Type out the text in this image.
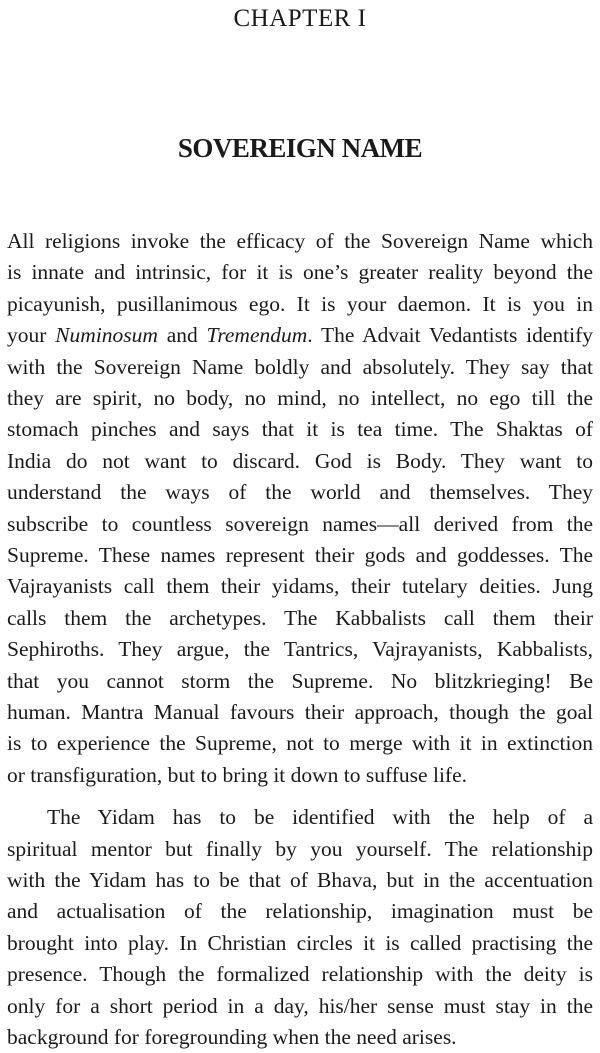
CHAPTER I
SOVEREIGN NAME
All religions invoke the efficacy of the Sovereign Name which
is innate and intrinsic, for it is one’s greater reality beyond the
picayunish, pusillanimous ego. It is your daemon. It is you in
your Numinosum and Tremendum. The Advait Vedantists identify
with the Sovereign Name boldly and absolutely. They say that
they are spirit, no body, no mind, no intellect, no ego till the
stomach pinches and says that it is tea time. The Shaktas of
India do not want to discard. God is Body. They want to
understand the ways of the world and themselves. They
subscribe to countless sovereign names—all derived from the
Supreme. These names represent their gods and goddesses. The
Vajrayanists call them their yidams, their tutelary deities. Jung
calls them the archetypes. The Kabbalists call them their
Sephiroths. They argue, the Tantrics, Vajrayanists, Kabbalists,
that you cannot storm the Supreme. No blitzkrieging! Be
human. Mantra Manual favours their approach, though the goal
is to experience the Supreme, not to merge with it in extinction
or transfiguration, but to bring it down to suffuse life.
The Yidam has to be identified with the help of a
spiritual mentor but finally by you yourself. The relationship
with the Yidam has to be that of Bhava, but in the accentuation
and actualisation of the relationship, imagination must be
brought into play. In Christian circles it is called practising the
presence. Though the formalized relationship with the deity is
only for a short period in a day, his/her sense must stay in the
background for foregrounding when the need arises.
